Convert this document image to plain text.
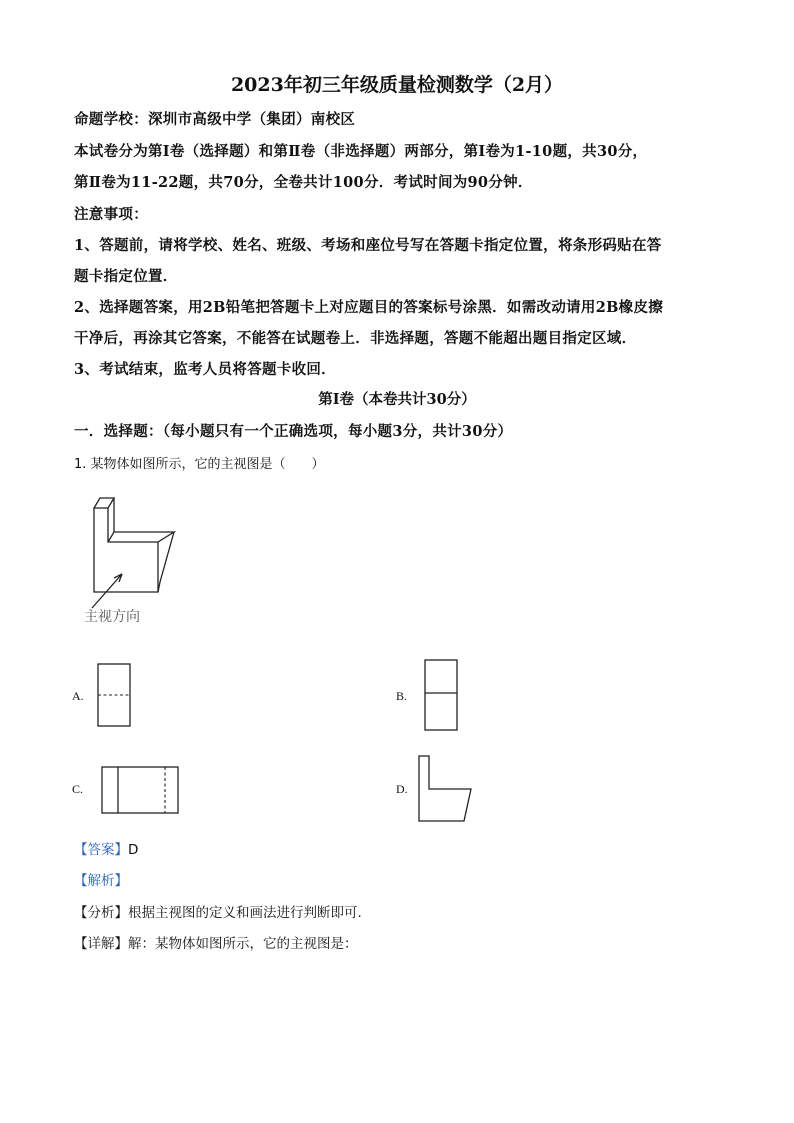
2023年初三年级质量检测数学（2月）
命题学校：深圳市高级中学（集团）南校区
本试卷分为第Ⅰ卷（选择题）和第Ⅱ卷（非选择题）两部分，第Ⅰ卷为1-10题，共30分，
第Ⅱ卷为11-22题，共70分，全卷共计100分．考试时间为90分钟．
注意事项：
1、答题前，请将学校、姓名、班级、考场和座位号写在答题卡指定位置，将条形码贴在答
题卡指定位置．
2、选择题答案，用2B铅笔把答题卡上对应题目的答案标号涂黑．如需改动请用2B橡皮擦
干净后，再涂其它答案，不能答在试题卷上．非选择题，答题不能超出题目指定区域．
3、考试结束，监考人员将答题卡收回．
第Ⅰ卷（本卷共计30分）
一．选择题：（每小题只有一个正确选项，每小题3分，共计30分）
1. 某物体如图所示，它的主视图是（　　）
主视方向
A.	B.
C.	D.
【答案】D
【解析】
【分析】根据主视图的定义和画法进行判断即可．
【详解】解：某物体如图所示，它的主视图是：
